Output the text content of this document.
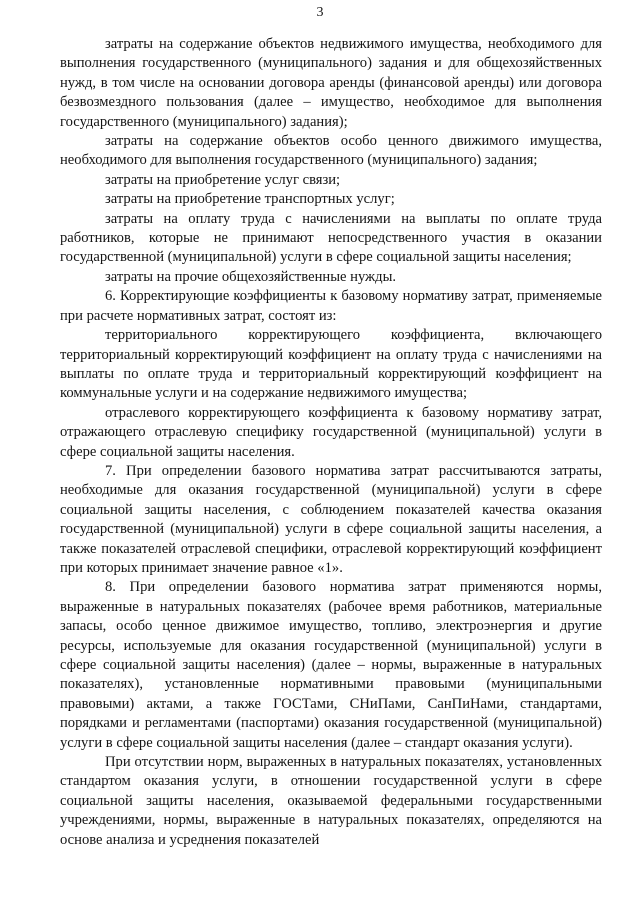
3

затраты на содержание объектов недвижимого имущества, необходимого для выполнения государственного (муниципального) задания и для общехозяйственных нужд, в том числе на основании договора аренды (финансовой аренды) или договора безвозмездного пользования (далее – имущество, необходимое для выполнения государственного (муниципального) задания);

затраты на содержание объектов особо ценного движимого имущества, необходимого для выполнения государственного (муниципального) задания;

затраты на приобретение услуг связи;

затраты на приобретение транспортных услуг;

затраты на оплату труда с начислениями на выплаты по оплате труда работников, которые не принимают непосредственного участия в оказании государственной (муниципальной) услуги в сфере социальной защиты населения;

затраты на прочие общехозяйственные нужды.

6. Корректирующие коэффициенты к базовому нормативу затрат, применяемые при расчете нормативных затрат, состоят из:

территориального корректирующего коэффициента, включающего территориальный корректирующий коэффициент на оплату труда с начислениями на выплаты по оплате труда и территориальный корректирующий коэффициент на коммунальные услуги и на содержание недвижимого имущества;

отраслевого корректирующего коэффициента к базовому нормативу затрат, отражающего отраслевую специфику государственной (муниципальной) услуги в сфере социальной защиты населения.

7. При определении базового норматива затрат рассчитываются затраты, необходимые для оказания государственной (муниципальной) услуги в сфере социальной защиты населения, с соблюдением показателей качества оказания государственной (муниципальной) услуги в сфере социальной защиты населения, а также показателей отраслевой специфики, отраслевой корректирующий коэффициент при которых принимает значение равное «1».

8. При определении базового норматива затрат применяются нормы, выраженные в натуральных показателях (рабочее время работников, материальные запасы, особо ценное движимое имущество, топливо, электроэнергия и другие ресурсы, используемые для оказания государственной (муниципальной) услуги в сфере социальной защиты населения) (далее – нормы, выраженные в натуральных показателях), установленные нормативными правовыми (муниципальными правовыми) актами, а также ГОСТами, СНиПами, СанПиНами, стандартами, порядками и регламентами (паспортами) оказания государственной (муниципальной) услуги в сфере социальной защиты населения (далее – стандарт оказания услуги).

При отсутствии норм, выраженных в натуральных показателях, установленных стандартом оказания услуги, в отношении государственной услуги в сфере социальной защиты населения, оказываемой федеральными государственными учреждениями, нормы, выраженные в натуральных показателях, определяются на основе анализа и усреднения показателей
